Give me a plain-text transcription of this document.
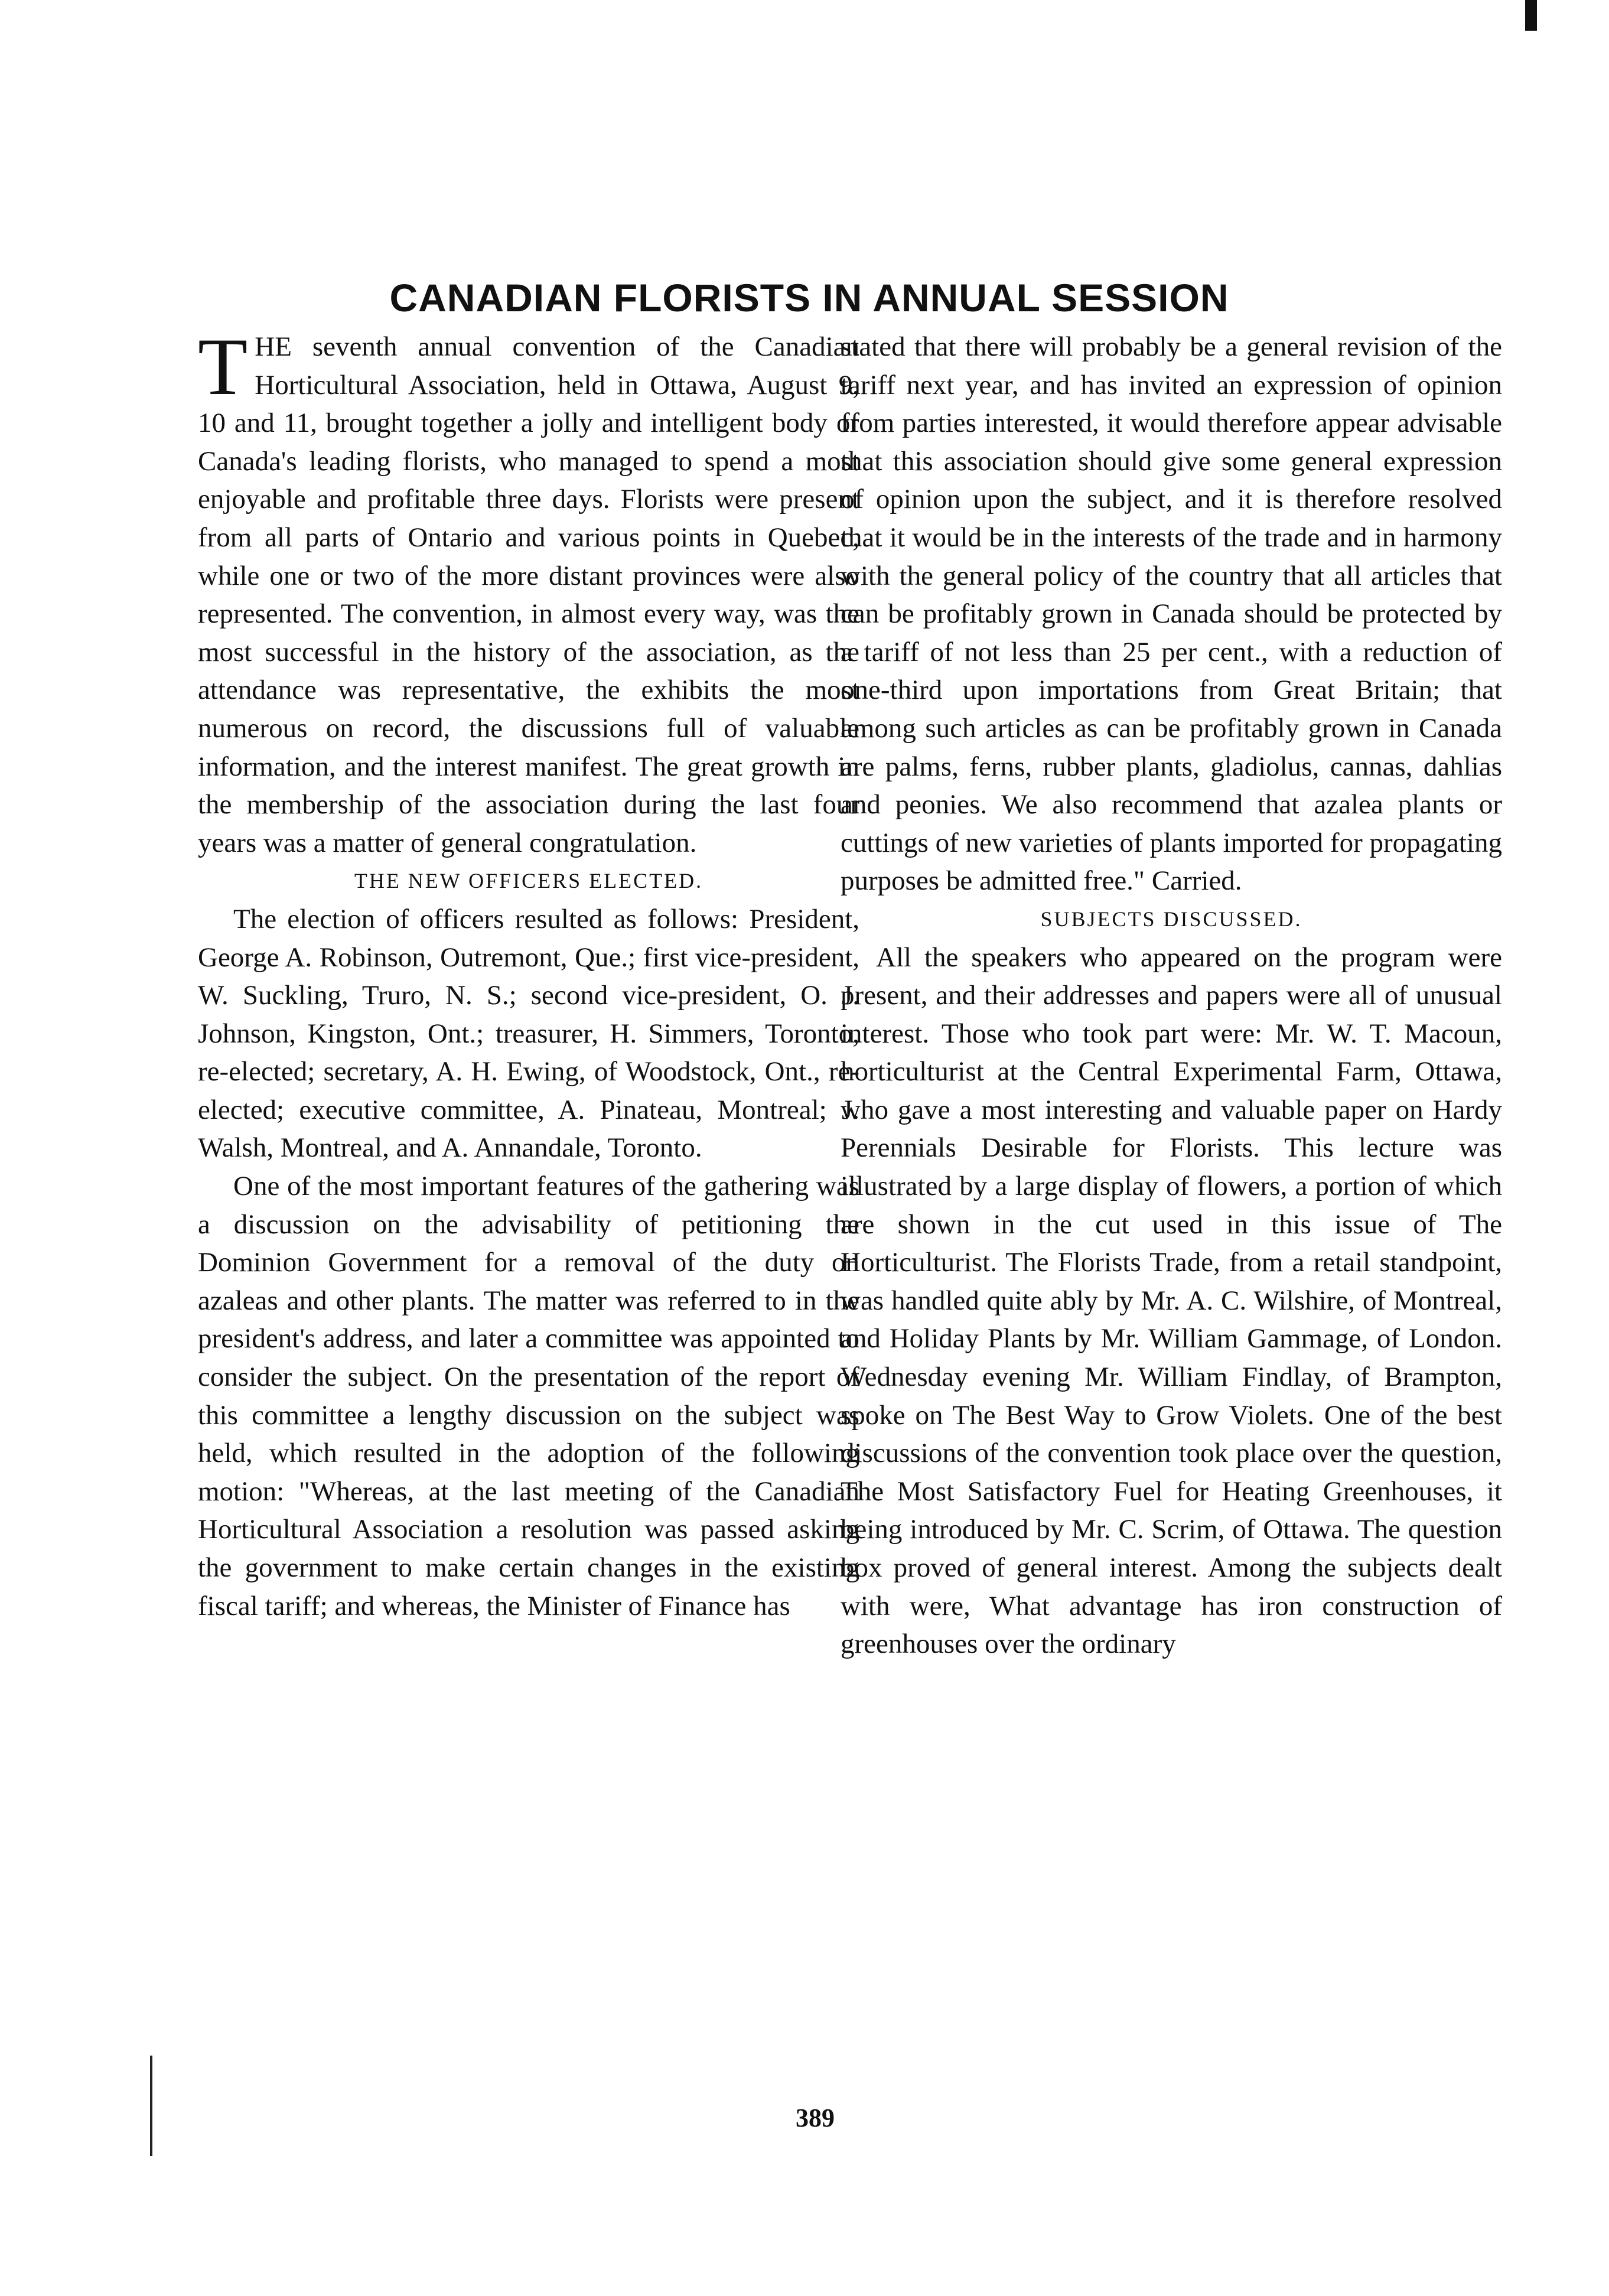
CANADIAN FLORISTS IN ANNUAL SESSION

THE seventh annual convention of the Canadian Horticultural Association, held in Ottawa, August 9, 10 and 11, brought together a jolly and intelligent body of Canada's leading florists, who managed to spend a most enjoyable and profitable three days. Florists were present from all parts of Ontario and various points in Quebec, while one or two of the more distant provinces were also represented. The convention, in almost every way, was the most successful in the history of the association, as the attendance was representative, the exhibits the most numerous on record, the discussions full of valuable information, and the interest manifest. The great growth in the membership of the association during the last four years was a matter of general congratulation.

THE NEW OFFICERS ELECTED.

The election of officers resulted as follows: President, George A. Robinson, Outremont, Que.; first vice-president, W. Suckling, Truro, N. S.; second vice-president, O. J. Johnson, Kingston, Ont.; treasurer, H. Simmers, Toronto, re-elected; secretary, A. H. Ewing, of Woodstock, Ont., re-elected; executive committee, A. Pinateau, Montreal; J. Walsh, Montreal, and A. Annandale, Toronto.

One of the most important features of the gathering was a discussion on the advisability of petitioning the Dominion Government for a removal of the duty on azaleas and other plants. The matter was referred to in the president's address, and later a committee was appointed to consider the subject. On the presentation of the report of this committee a lengthy discussion on the subject was held, which resulted in the adoption of the following motion: "Whereas, at the last meeting of the Canadian Horticultural Association a resolution was passed asking the government to make certain changes in the existing fiscal tariff; and whereas, the Minister of Finance has

stated that there will probably be a general revision of the tariff next year, and has invited an expression of opinion from parties interested, it would therefore appear advisable that this association should give some general expression of opinion upon the subject, and it is therefore resolved that it would be in the interests of the trade and in harmony with the general policy of the country that all articles that can be profitably grown in Canada should be protected by a tariff of not less than 25 per cent., with a reduction of one-third upon importations from Great Britain; that among such articles as can be profitably grown in Canada are palms, ferns, rubber plants, gladiolus, cannas, dahlias and peonies. We also recommend that azalea plants or cuttings of new varieties of plants imported for propagating purposes be admitted free." Carried.

SUBJECTS DISCUSSED.

All the speakers who appeared on the program were present, and their addresses and papers were all of unusual interest. Those who took part were: Mr. W. T. Macoun, horticulturist at the Central Experimental Farm, Ottawa, who gave a most interesting and valuable paper on Hardy Perennials Desirable for Florists. This lecture was illustrated by a large display of flowers, a portion of which are shown in the cut used in this issue of The Horticulturist. The Florists Trade, from a retail standpoint, was handled quite ably by Mr. A. C. Wilshire, of Montreal, and Holiday Plants by Mr. William Gammage, of London. Wednesday evening Mr. William Findlay, of Brampton, spoke on The Best Way to Grow Violets. One of the best discussions of the convention took place over the question, The Most Satisfactory Fuel for Heating Greenhouses, it being introduced by Mr. C. Scrim, of Ottawa. The question box proved of general interest. Among the subjects dealt with were, What advantage has iron construction of greenhouses over the ordinary

389
